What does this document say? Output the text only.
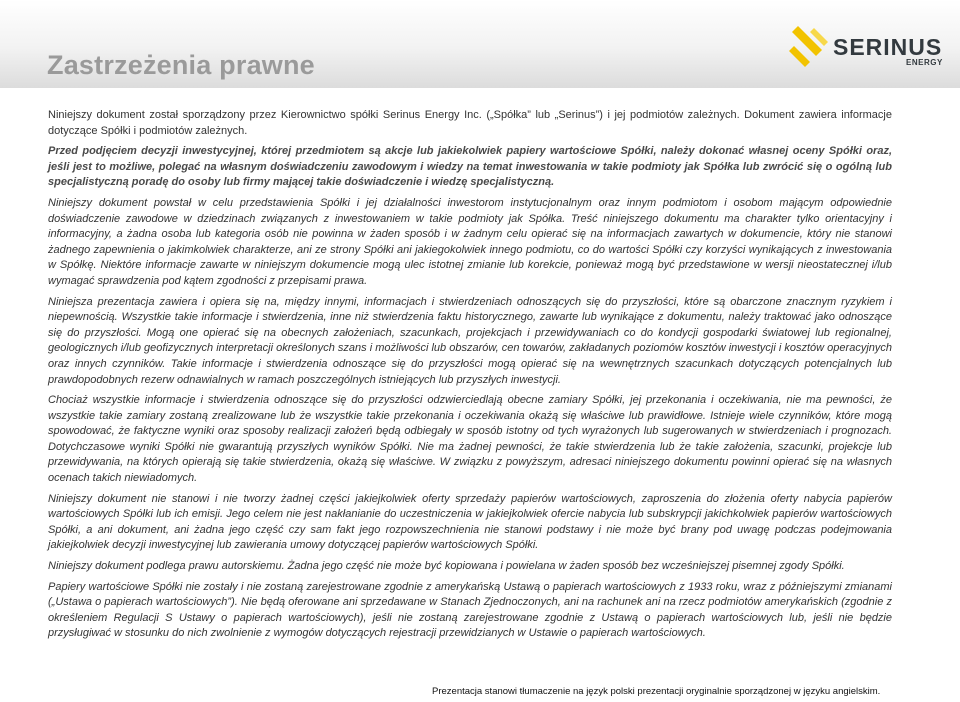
Zastrzeżenia prawne
SERINUS
ENERGY

Niniejszy dokument został sporządzony przez Kierownictwo spółki Serinus Energy Inc. („Spółka” lub „Serinus”) i jej podmiotów zależnych. Dokument zawiera informacje dotyczące Spółki i podmiotów zależnych.

Przed podjęciem decyzji inwestycyjnej, której przedmiotem są akcje lub jakiekolwiek papiery wartościowe Spółki, należy dokonać własnej oceny Spółki oraz, jeśli jest to możliwe, polegać na własnym doświadczeniu zawodowym i wiedzy na temat inwestowania w takie podmioty jak Spółka lub zwrócić się o ogólną lub specjalistyczną poradę do osoby lub firmy mającej takie doświadczenie i wiedzę specjalistyczną.

Niniejszy dokument powstał w celu przedstawienia Spółki i jej działalności inwestorom instytucjonalnym oraz innym podmiotom i osobom mającym odpowiednie doświadczenie zawodowe w dziedzinach związanych z inwestowaniem w takie podmioty jak Spółka. Treść niniejszego dokumentu ma charakter tylko orientacyjny i informacyjny, a żadna osoba lub kategoria osób nie powinna w żaden sposób i w żadnym celu opierać się na informacjach zawartych w dokumencie, który nie stanowi żadnego zapewnienia o jakimkolwiek charakterze, ani ze strony Spółki ani jakiegokolwiek innego podmiotu, co do wartości Spółki czy korzyści wynikających z inwestowania w Spółkę. Niektóre informacje zawarte w niniejszym dokumencie mogą ulec istotnej zmianie lub korekcie, ponieważ mogą być przedstawione w wersji nieostatecznej i/lub wymagać sprawdzenia pod kątem zgodności z przepisami prawa.

Niniejsza prezentacja zawiera i opiera się na, między innymi, informacjach i stwierdzeniach odnoszących się do przyszłości, które są obarczone znacznym ryzykiem i niepewnością. Wszystkie takie informacje i stwierdzenia, inne niż stwierdzenia faktu historycznego, zawarte lub wynikające z dokumentu, należy traktować jako odnoszące się do przyszłości. Mogą one opierać się na obecnych założeniach, szacunkach, projekcjach i przewidywaniach co do kondycji gospodarki światowej lub regionalnej, geologicznych i/lub geofizycznych interpretacji określonych szans i możliwości lub obszarów, cen towarów, zakładanych poziomów kosztów inwestycji i kosztów operacyjnych oraz innych czynników. Takie informacje i stwierdzenia odnoszące się do przyszłości mogą opierać się na wewnętrznych szacunkach dotyczących potencjalnych lub prawdopodobnych rezerw odnawialnych w ramach poszczególnych istniejących lub przyszłych inwestycji.

Chociaż wszystkie informacje i stwierdzenia odnoszące się do przyszłości odzwierciedlają obecne zamiary Spółki, jej przekonania i oczekiwania, nie ma pewności, że wszystkie takie zamiary zostaną zrealizowane lub że wszystkie takie przekonania i oczekiwania okażą się właściwe lub prawidłowe. Istnieje wiele czynników, które mogą spowodować, że faktyczne wyniki oraz sposoby realizacji założeń będą odbiegały w sposób istotny od tych wyrażonych lub sugerowanych w stwierdzeniach i prognozach. Dotychczasowe wyniki Spółki nie gwarantują przyszłych wyników Spółki. Nie ma żadnej pewności, że takie stwierdzenia lub że takie założenia, szacunki, projekcje lub przewidywania, na których opierają się takie stwierdzenia, okażą się właściwe. W związku z powyższym, adresaci niniejszego dokumentu powinni opierać się na własnych ocenach takich niewiadomych.

Niniejszy dokument nie stanowi i nie tworzy żadnej części jakiejkolwiek oferty sprzedaży papierów wartościowych, zaproszenia do złożenia oferty nabycia papierów wartościowych Spółki lub ich emisji. Jego celem nie jest nakłanianie do uczestniczenia w jakiejkolwiek ofercie nabycia lub subskrypcji jakichkolwiek papierów wartościowych Spółki, a ani dokument, ani żadna jego część czy sam fakt jego rozpowszechnienia nie stanowi podstawy i nie może być brany pod uwagę podczas podejmowania jakiejkolwiek decyzji inwestycyjnej lub zawierania umowy dotyczącej papierów wartościowych Spółki.

Niniejszy dokument podlega prawu autorskiemu. Żadna jego część nie może być kopiowana i powielana w żaden sposób bez wcześniejszej pisemnej zgody Spółki.

Papiery wartościowe Spółki nie zostały i nie zostaną zarejestrowane zgodnie z amerykańską Ustawą o papierach wartościowych z 1933 roku, wraz z późniejszymi zmianami („Ustawa o papierach wartościowych”). Nie będą oferowane ani sprzedawane w Stanach Zjednoczonych, ani na rachunek ani na rzecz podmiotów amerykańskich (zgodnie z określeniem Regulacji S Ustawy o papierach wartościowych), jeśli nie zostaną zarejestrowane zgodnie z Ustawą o papierach wartościowych lub, jeśli nie będzie przysługiwać w stosunku do nich zwolnienie z wymogów dotyczących rejestracji przewidzianych w Ustawie o papierach wartościowych.

Prezentacja stanowi tłumaczenie na język polski prezentacji oryginalnie sporządzonej w języku angielskim.
